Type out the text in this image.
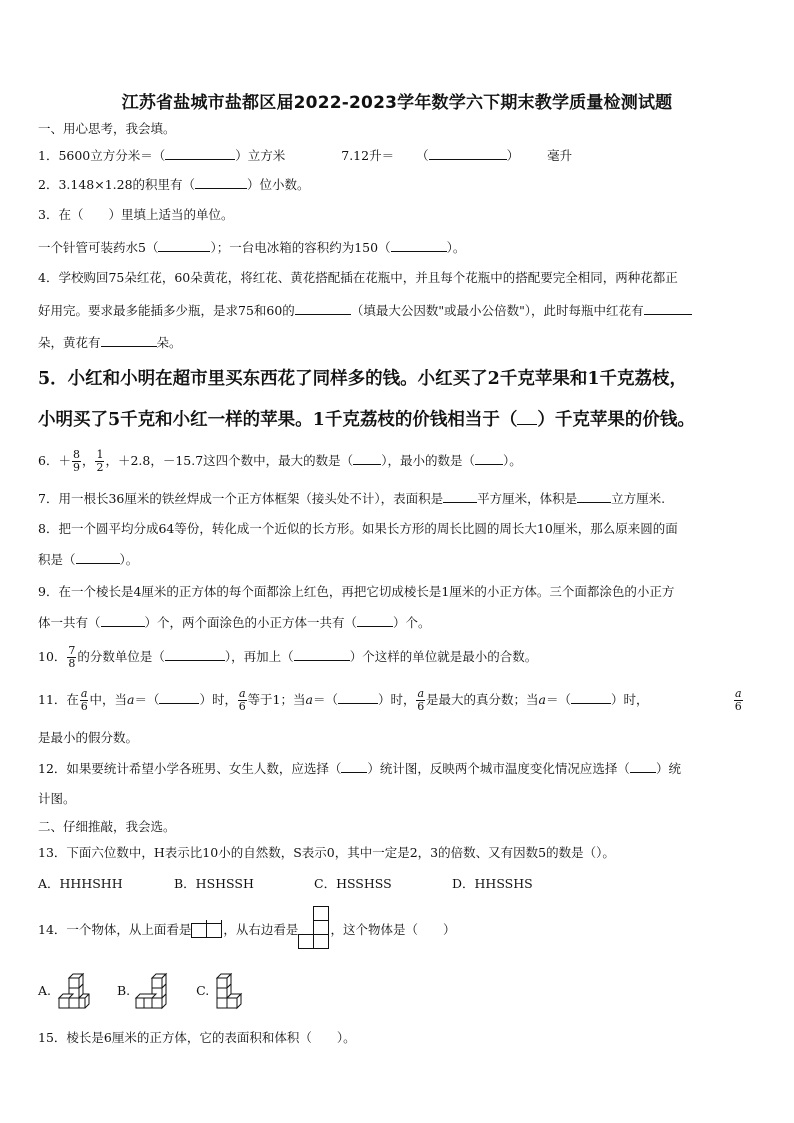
江苏省盐城市盐都区届2022-2023学年数学六下期末教学质量检测试题
一、用心思考，我会填。
1．5600立方分米＝（	）立方米	7.12升＝ （	） 毫升
2．3.148×1.28的积里有（	）位小数。
3．在（　　）里填上适当的单位。
一个针管可装药水5（	）；一台电冰箱的容积约为150（	）。
4．学校购回75朵红花，60朵黄花，将红花、黄花搭配插在花瓶中，并且每个花瓶中的搭配要完全相同，两种花都正
好用完。要求最多能插多少瓶，是求75和60的	（填最大公因数"或最小公倍数"），此时每瓶中红花有
朵，黄花有	朵。
5．小红和小明在超市里买东西花了同样多的钱。小红买了2千克苹果和1千克荔枝，
小明买了5千克和小红一样的苹果。1千克荔枝的价钱相当于（ ）千克苹果的价钱。
6．＋ $\frac{8}{9}$ ， $\frac{1}{2}$ ，＋2.8，－15.7这四个数中，最大的数是（ ），最小的数是（ ）。
7．用一根长36厘米的铁丝焊成一个正方体框架（接头处不计），表面积是	平方厘米，体积是	立方厘米.
8．把一个圆平均分成64等份，转化成一个近似的长方形。如果长方形的周长比圆的周长大10厘米，那么原来圆的面
积是（	）。
9．在一个棱长是4厘米的正方体的每个面都涂上红色，再把它切成棱长是1厘米的小正方体。三个面都涂色的小正方
体一共有（	）个，两个面涂色的小正方体一共有（	）个。
10． $\frac{7}{8}$ 的分数单位是（	），再加上（	）个这样的单位就是最小的合数。
11．在 $\frac{a}{6}$ 中，当a＝（	）时， $\frac{a}{6}$ 等于1；当a＝（	）时， $\frac{a}{6}$ 是最大的真分数；当a＝（	）时，	$\frac{a}{6}$
是最小的假分数。
12．如果要统计希望小学各班男、女生人数，应选择（ ）统计图，反映两个城市温度变化情况应选择（ ）统
计图。
二、仔细推敲，我会选。
13．下面六位数中，H表示比10小的自然数，S表示0，其中一定是2，3的倍数、又有因数5的数是（）。
A．HHHSHH	B．HSHSSH	C．HSSHSS	D．HHSSHS
14．一个物体，从上面看是	，从右边看是	，这个物体是（　　）
A.	B.	C.
15．棱长是6厘米的正方体，它的表面积和体积（　　）。
